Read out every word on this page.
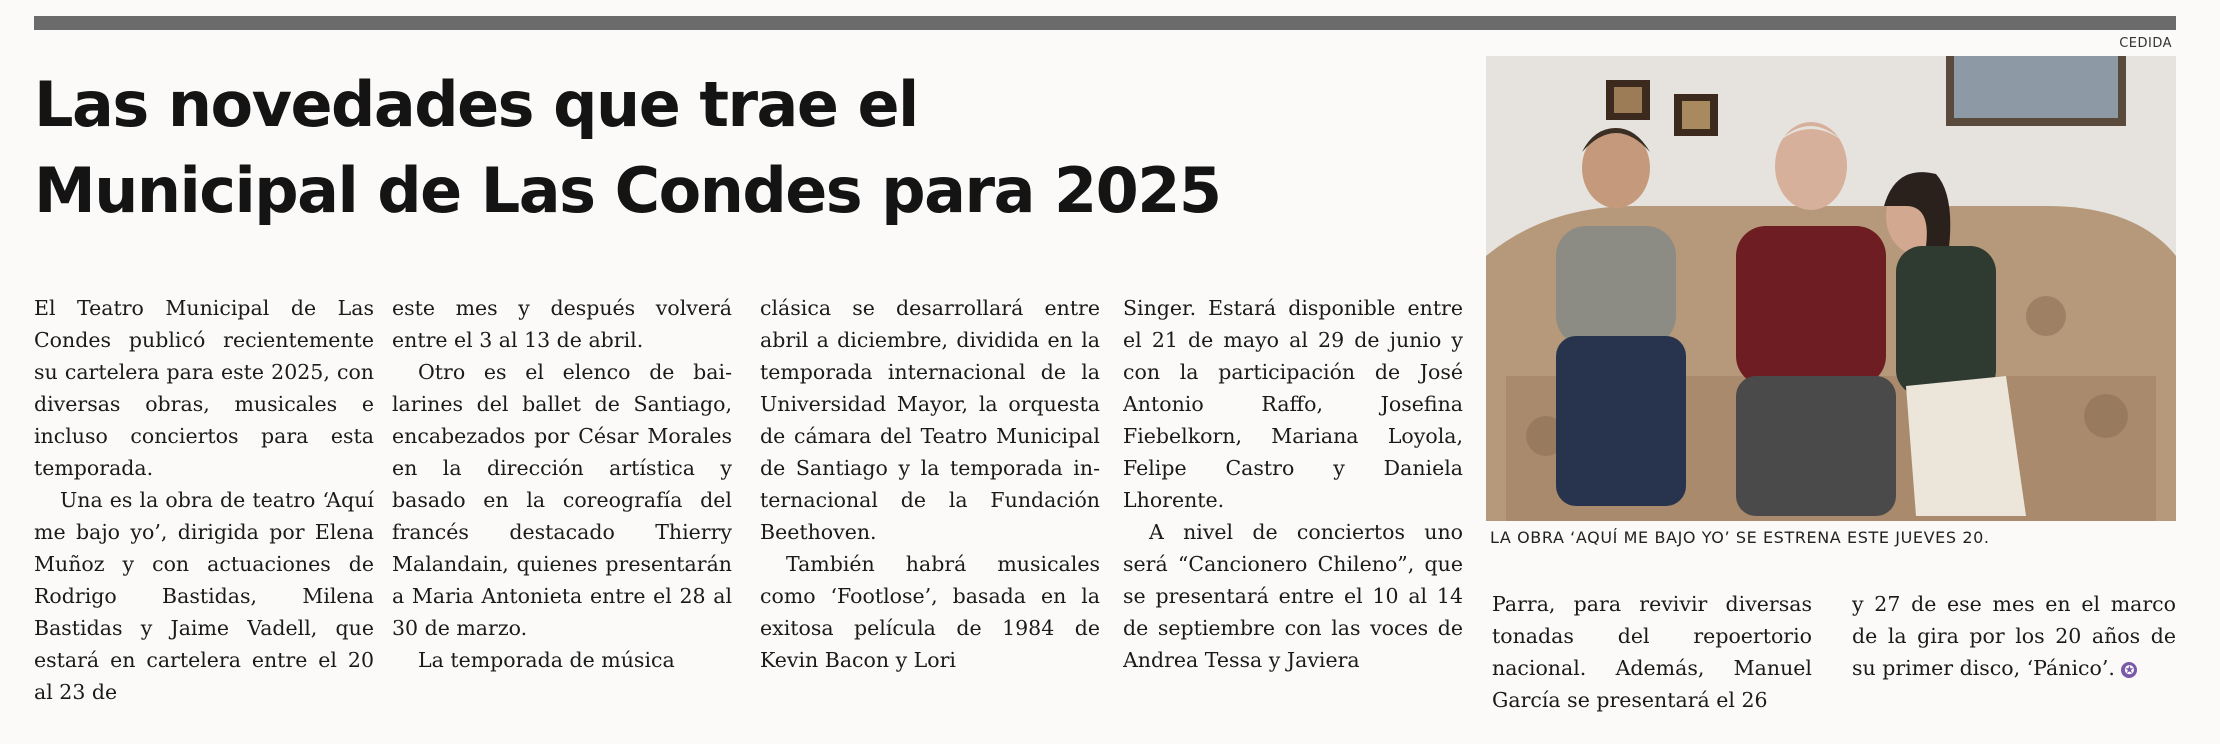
CEDIDA
Las novedades que trae el
Municipal de Las Condes para 2025

El Teatro Municipal de Las Condes publicó recientemente su cartelera para este 2025, con diversas obras, musicales e incluso conciertos para esta temporada.

Una es la obra de teatro ‘Aquí me bajo yo’, dirigida por Elena Muñoz y con actuaciones de Rodrigo Bastidas, Milena Bastidas y Jaime Vadell, que estará en cartelera entre el 20 al 23 de

este mes y después volverá entre el 3 al 13 de abril.

Otro es el elenco de bailarines del ballet de Santiago, encabezados por César Morales en la dirección artística y basado en la coreografía del francés destacado Thierry Malandain, quienes presentarán a Maria Antonieta entre el 28 al 30 de marzo.

La temporada de música

clásica se desarrollará entre abril a diciembre, dividida en la temporada internacional de la Universidad Mayor, la orquesta de cámara del Teatro Municipal de Santiago y la temporada internacional de la Fundación Beethoven.

También habrá musicales como ‘Footlose’, basada en la exitosa película de 1984 de Kevin Bacon y Lori

Singer. Estará disponible entre el 21 de mayo al 29 de junio y con la participación de José Antonio Raffo, Josefina Fiebelkorn, Mariana Loyola, Felipe Castro y Daniela Lhorente.

A nivel de conciertos uno será “Cancionero Chileno”, que se presentará entre el 10 al 14 de septiembre con las voces de Andrea Tessa y Javiera

LA OBRA ‘AQUÍ ME BAJO YO’ SE ESTRENA ESTE JUEVES 20.

Parra, para revivir diversas tonadas del repoertorio nacional. Además, Manuel García se presentará el 26

y 27 de ese mes en el marco de la gira por los 20 años de su primer disco, ‘Pánico’. ✪
